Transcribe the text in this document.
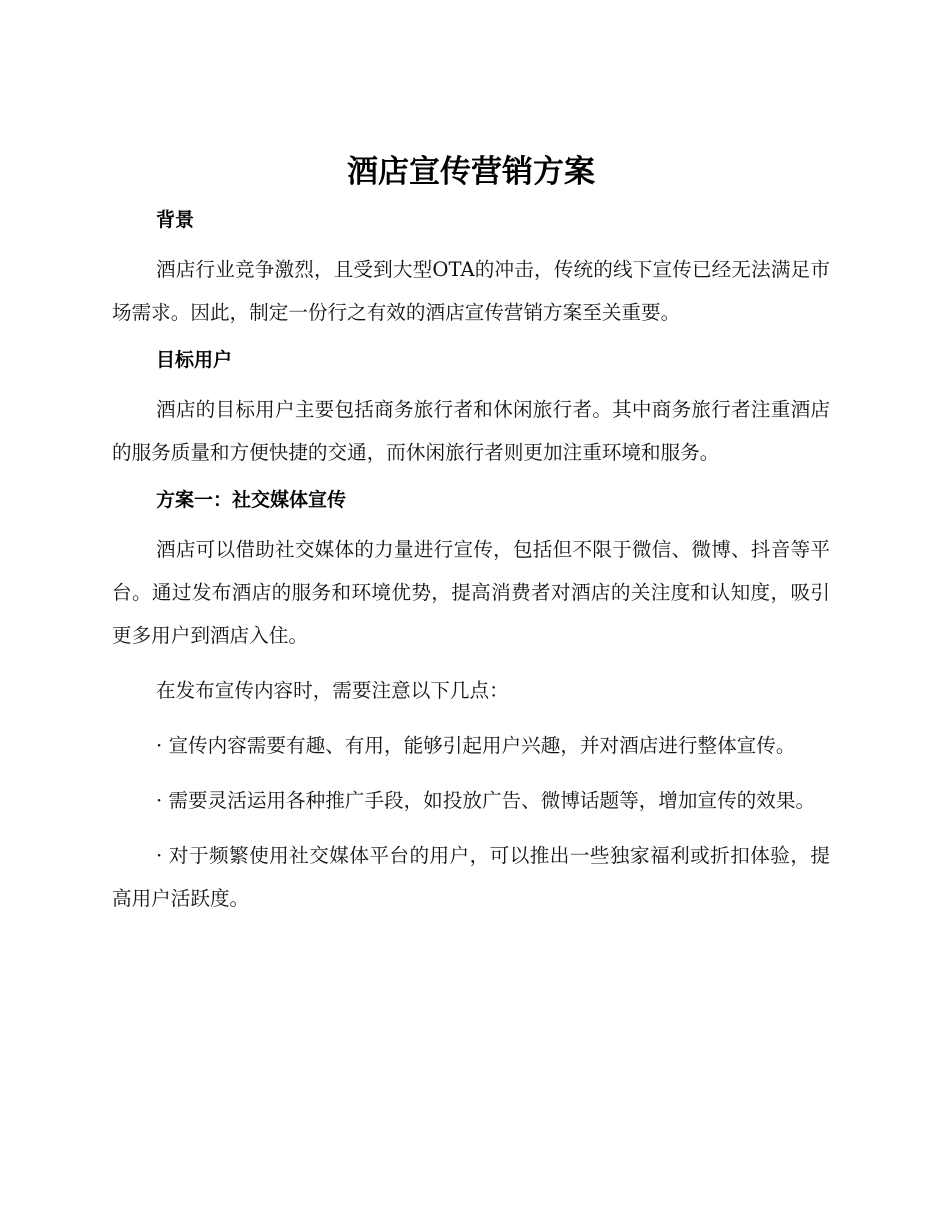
酒店宣传营销方案
背景

酒店行业竞争激烈，且受到大型OTA的冲击，传统的线下宣传已经无法满足市场需求。因此，制定一份行之有效的酒店宣传营销方案至关重要。

目标用户

酒店的目标用户主要包括商务旅行者和休闲旅行者。其中商务旅行者注重酒店的服务质量和方便快捷的交通，而休闲旅行者则更加注重环境和服务。

方案一：社交媒体宣传

酒店可以借助社交媒体的力量进行宣传，包括但不限于微信、微博、抖音等平台。通过发布酒店的服务和环境优势，提高消费者对酒店的关注度和认知度，吸引更多用户到酒店入住。

在发布宣传内容时，需要注意以下几点：

· 宣传内容需要有趣、有用，能够引起用户兴趣，并对酒店进行整体宣传。

· 需要灵活运用各种推广手段，如投放广告、微博话题等，增加宣传的效果。

· 对于频繁使用社交媒体平台的用户，可以推出一些独家福利或折扣体验，提高用户活跃度。
